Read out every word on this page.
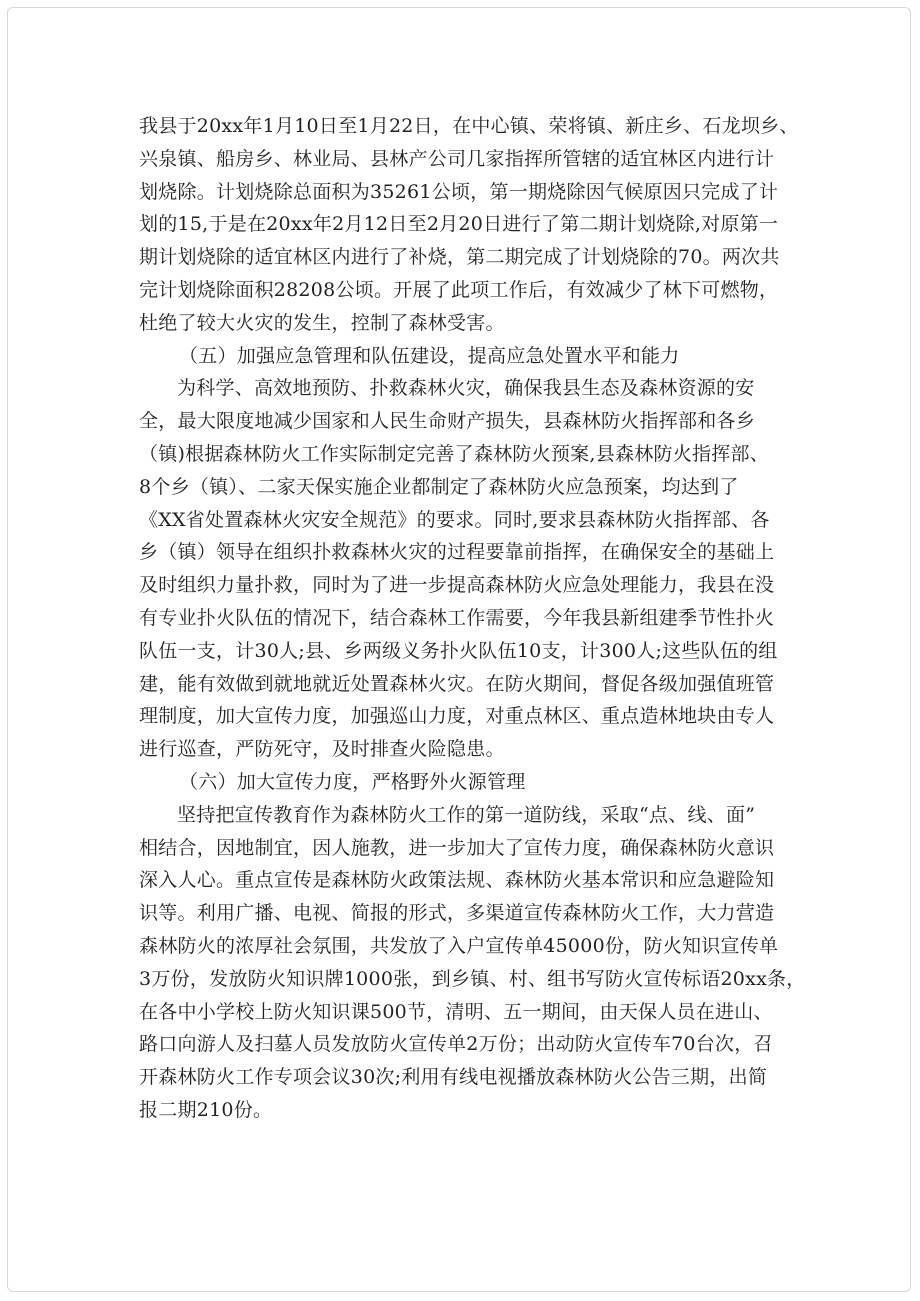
我县于20xx年1月10日至1月22日，在中心镇、荣将镇、新庄乡、石龙坝乡、
兴泉镇、船房乡、林业局、县林产公司几家指挥所管辖的适宜林区内进行计
划烧除。计划烧除总面积为35261公顷，第一期烧除因气候原因只完成了计
划的15,于是在20xx年2月12日至2月20日进行了第二期计划烧除,对原第一
期计划烧除的适宜林区内进行了补烧，第二期完成了计划烧除的70。两次共
完计划烧除面积28208公顷。开展了此项工作后，有效减少了林下可燃物，
杜绝了较大火灾的发生，控制了森林受害。

（五）加强应急管理和队伍建设，提高应急处置水平和能力

为科学、高效地预防、扑救森林火灾，确保我县生态及森林资源的安
全，最大限度地减少国家和人民生命财产损失，县森林防火指挥部和各乡
（镇)根据森林防火工作实际制定完善了森林防火预案,县森林防火指挥部、
8个乡（镇）、二家天保实施企业都制定了森林防火应急预案，均达到了
《XX省处置森林火灾安全规范》的要求。同时,要求县森林防火指挥部、各
乡（镇）领导在组织扑救森林火灾的过程要靠前指挥，在确保安全的基础上
及时组织力量扑救，同时为了进一步提高森林防火应急处理能力，我县在没
有专业扑火队伍的情况下，结合森林工作需要，今年我县新组建季节性扑火
队伍一支，计30人;县、乡两级义务扑火队伍10支，计300人;这些队伍的组
建，能有效做到就地就近处置森林火灾。在防火期间，督促各级加强值班管
理制度，加大宣传力度，加强巡山力度，对重点林区、重点造林地块由专人
进行巡查，严防死守，及时排查火险隐患。

（六）加大宣传力度，严格野外火源管理

坚持把宣传教育作为森林防火工作的第一道防线，采取“点、线、面”
相结合，因地制宜，因人施教，进一步加大了宣传力度，确保森林防火意识
深入人心。重点宣传是森林防火政策法规、森林防火基本常识和应急避险知
识等。利用广播、电视、简报的形式，多渠道宣传森林防火工作，大力营造
森林防火的浓厚社会氛围，共发放了入户宣传单45000份，防火知识宣传单
3万份，发放防火知识牌1000张，到乡镇、村、组书写防火宣传标语20xx条，
在各中小学校上防火知识课500节，清明、五一期间，由天保人员在进山、
路口向游人及扫墓人员发放防火宣传单2万份；出动防火宣传车70台次，召
开森林防火工作专项会议30次;利用有线电视播放森林防火公告三期，出简
报二期210份。
